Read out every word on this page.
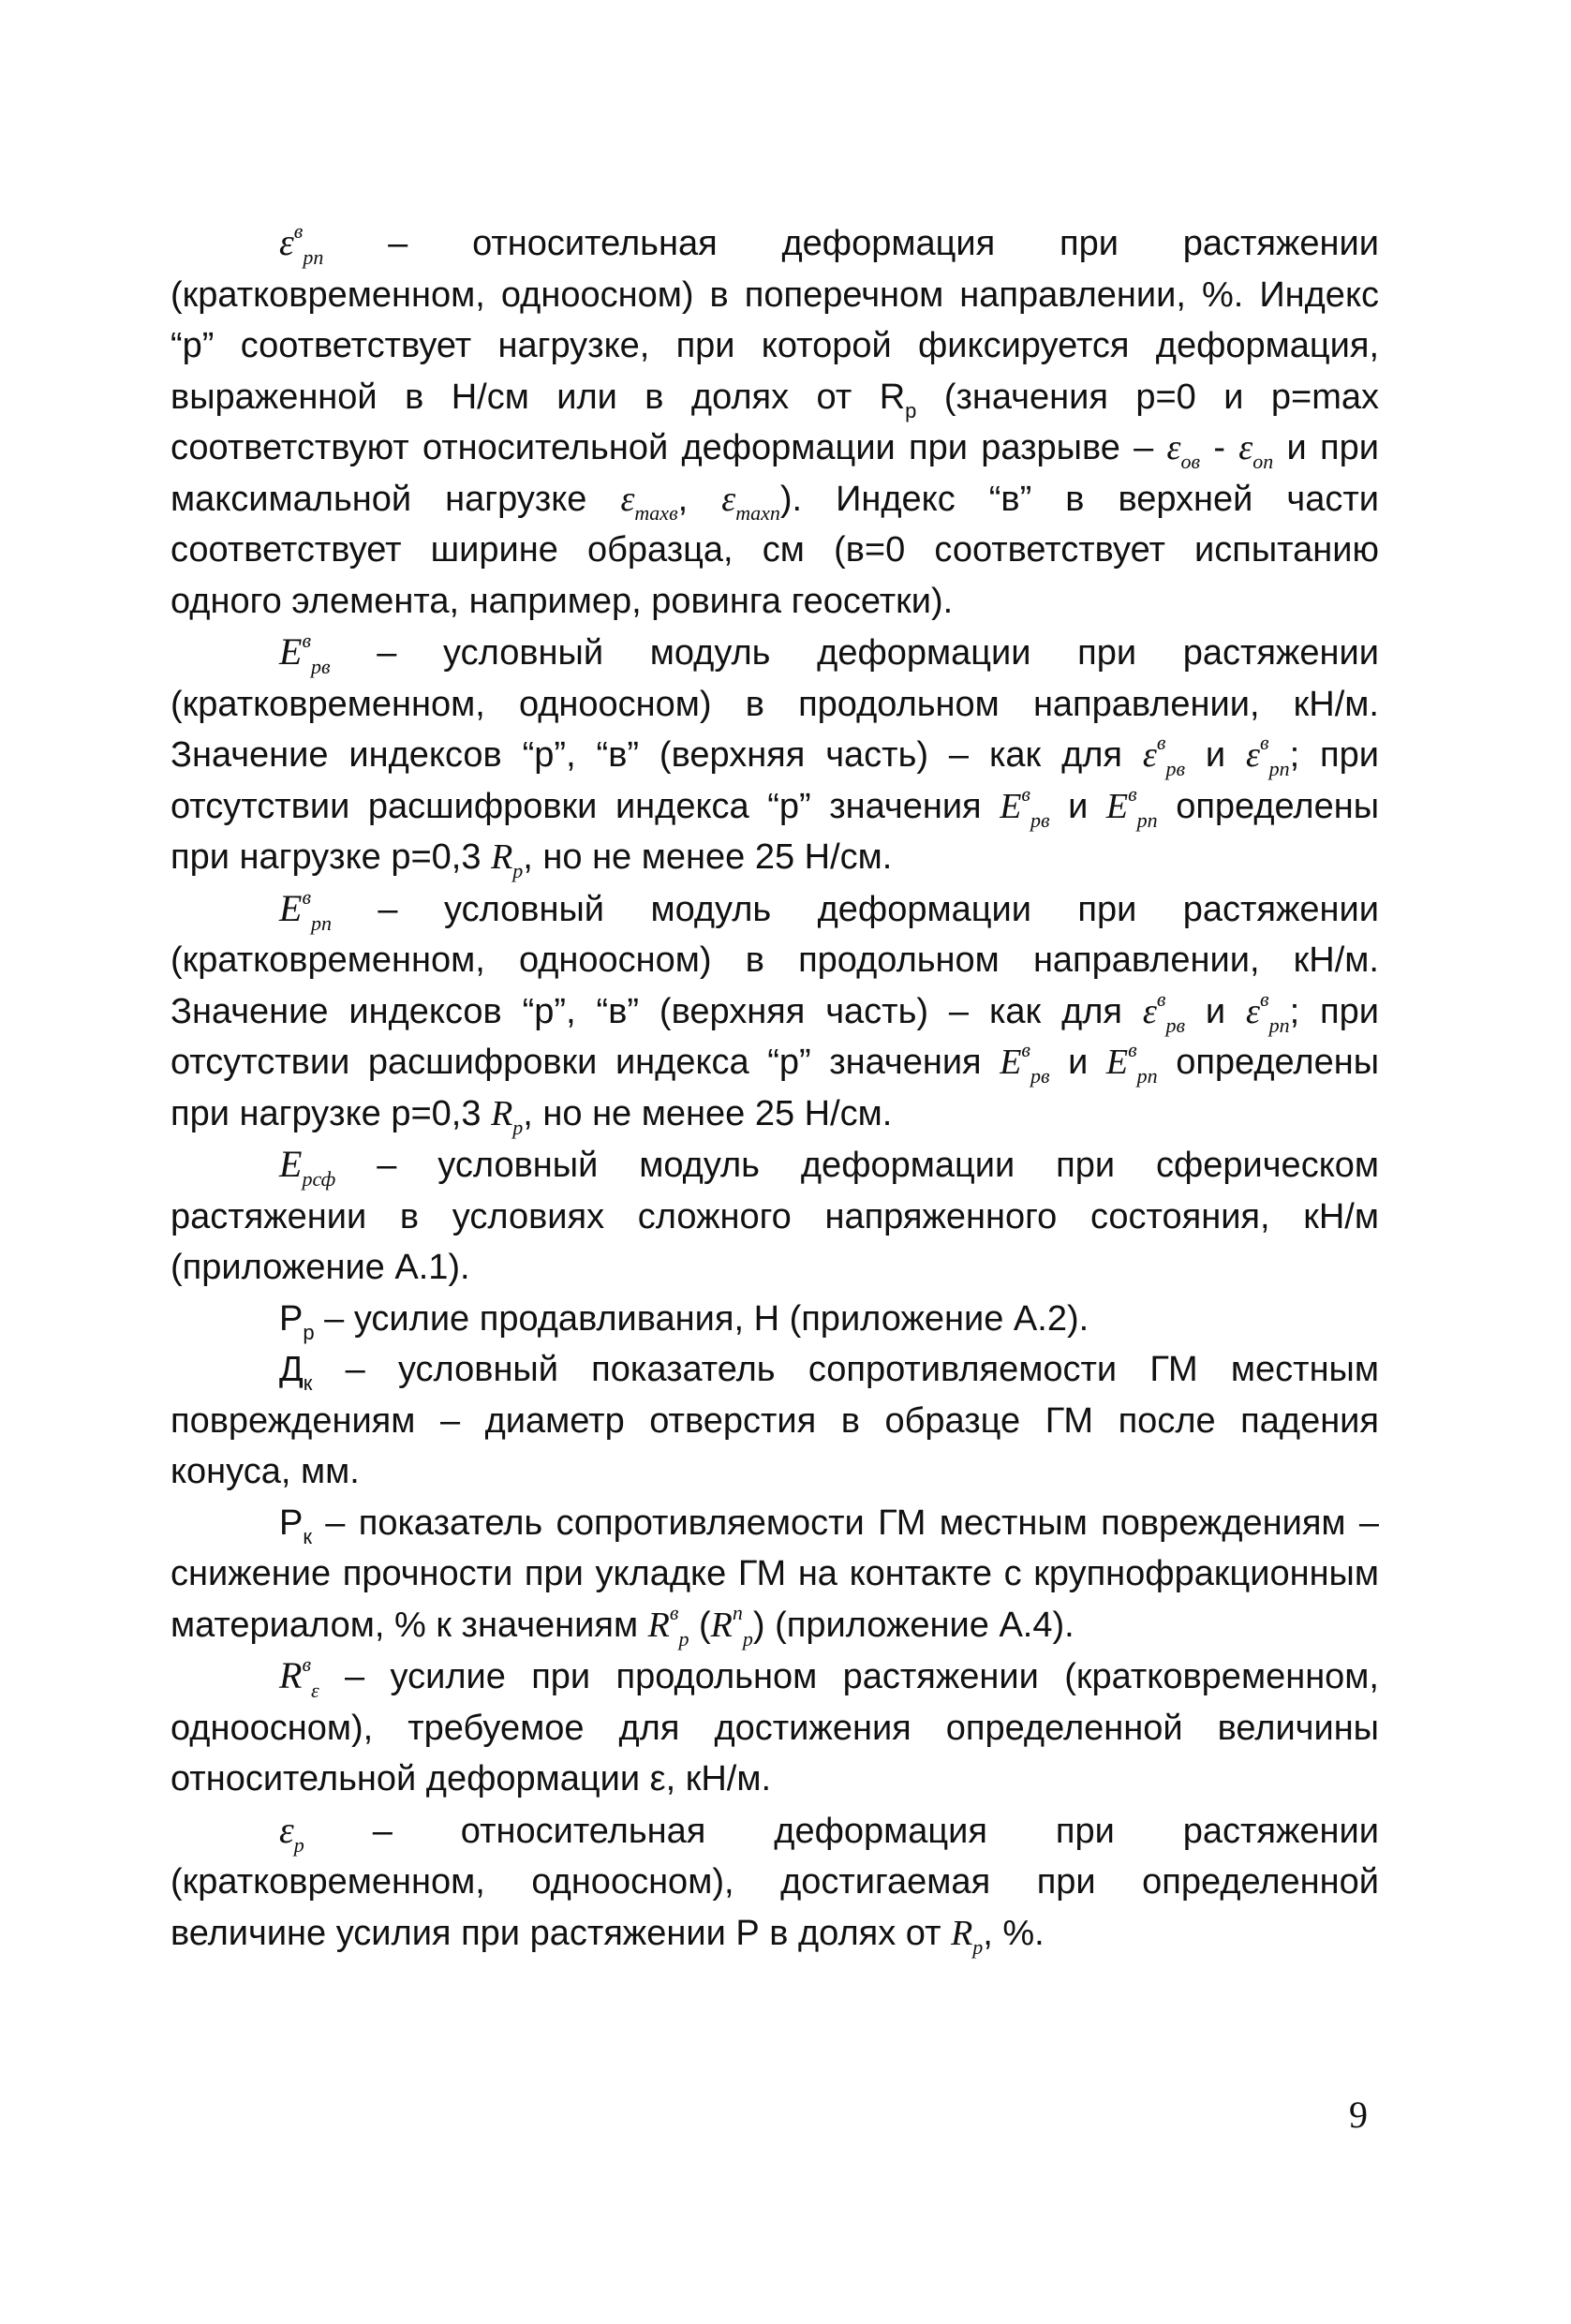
$\varepsilon^в_{рп}$ – относительная деформация при растяжении (кратковременном, одноосном) в поперечном направлении, %. Индекс “р” соответствует нагрузке, при которой фиксируется деформация, выраженной в Н/см или в долях от $R_р$ (значения р=0 и р=max соответствуют относительной деформации при разрыве – $\varepsilon_{ов} - \varepsilon_{оп}$ и при максимальной нагрузке $\varepsilon_{maxв}$, $\varepsilon_{maxп}$). Индекс “в” в верхней части соответствует ширине образца, см (в=0 соответствует испытанию одного элемента, например, ровинга геосетки).

$E^в_{рв}$ – условный модуль деформации при растяжении (кратковременном, одноосном) в продольном направлении, кН/м. Значение индексов “р”, “в” (верхняя часть) – как для $\varepsilon^в_{рв}$ и $\varepsilon^в_{рп}$; при отсутствии расшифровки индекса “р” значения $E^в_{рв}$ и $E^в_{рп}$ определены при нагрузке р=0,3 $R_р$, но не менее 25 Н/см.

$E^в_{рп}$ – условный модуль деформации при растяжении (кратковременном, одноосном) в продольном направлении, кН/м. Значение индексов “р”, “в” (верхняя часть) – как для $\varepsilon^в_{рв}$ и $\varepsilon^в_{рп}$; при отсутствии расшифровки индекса “р” значения $E^в_{рв}$ и $E^в_{рп}$ определены при нагрузке р=0,3 $R_р$, но не менее 25 Н/см.

$E_{рсф}$ – условный модуль деформации при сферическом растяжении в условиях сложного напряженного состояния, кН/м (приложение А.1).

$Р_р$ – усилие продавливания, Н (приложение А.2).

$Д_к$ – условный показатель сопротивляемости ГМ местным повреждениям – диаметр отверстия в образце ГМ после падения конуса, мм.

$Р_к$ – показатель сопротивляемости ГМ местным повреждениям – снижение прочности при укладке ГМ на контакте с крупнофракционным материалом, % к значениям $R^в_р$ $(R^п_р)$ (приложение А.4).

$R^в_\varepsilon$ – усилие при продольном растяжении (кратковременном, одноосном), требуемое для достижения определенной величины относительной деформации ε, кН/м.

$\varepsilon_р$ – относительная деформация при растяжении (кратковременном, одноосном), достигаемая при определенной величине усилия при растяжении Р в долях от $R_р$, %.

9
